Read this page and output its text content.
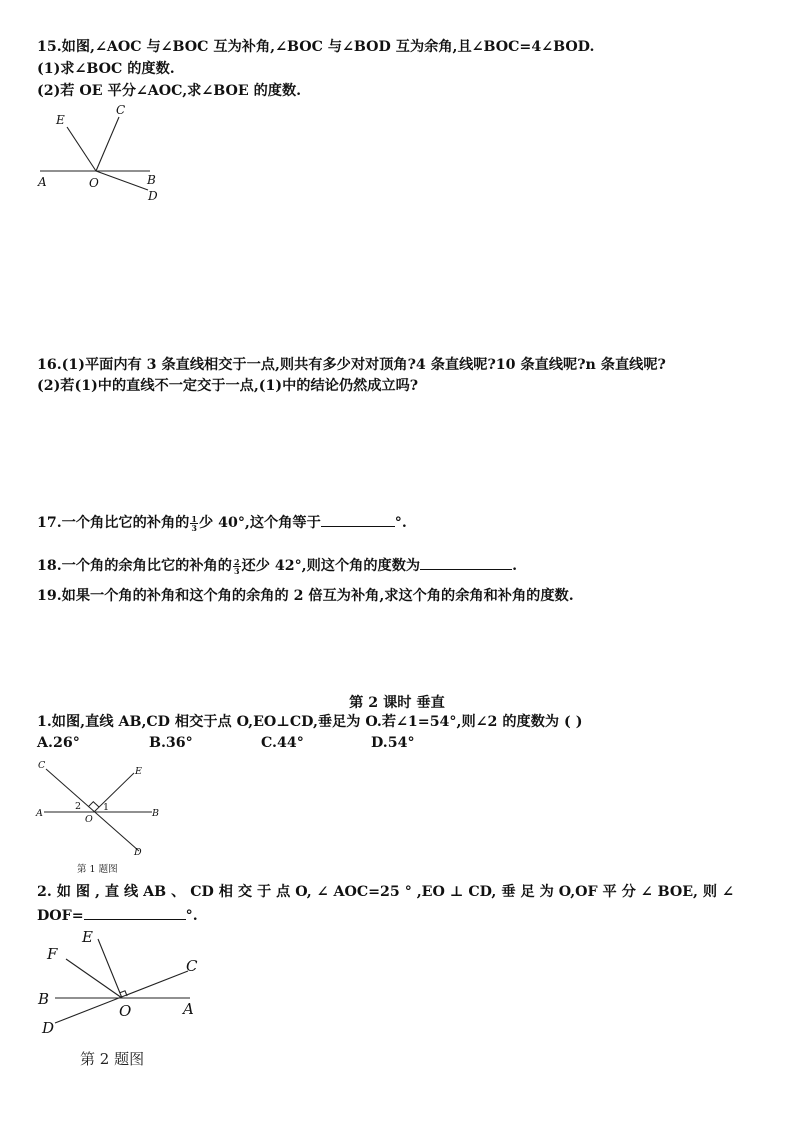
15.如图,∠AOC 与∠BOC 互为补角,∠BOC 与∠BOD 互为余角,且∠BOC=4∠BOD.
(1)求∠BOC 的度数.
(2)若 OE 平分∠AOC,求∠BOE 的度数.
E
C
A	O	B
D
16.(1)平面内有 3 条直线相交于一点,则共有多少对对顶角?4 条直线呢?10 条直线呢?n 条直线呢?
(2)若(1)中的直线不一定交于一点,(1)中的结论仍然成立吗?
17.一个角比它的补角的 $\frac{1}{3}$ 少 40°,这个角等于	°.
18.一个角的余角比它的补角的 $\frac{2}{3}$ 还少 42°,则这个角的度数为	.
19.如果一个角的补角和这个角的余角的 2 倍互为补角,求这个角的余角和补角的度数.
第 2 课时 垂直
1.如图,直线 AB,CD 相交于点 O,EO⊥CD,垂足为 O.若∠1=54°,则∠2 的度数为 ( )
A.26°	B.36°	C.44°	D.54°
C
E
A	B
O
D
1
2
第 1 题图
2. 如 图 , 直 线 AB 、 CD 相 交 于 点 O, ∠ AOC=25 ° ,EO ⊥ CD, 垂 足 为 O,OF 平 分 ∠ BOE, 则 ∠
DOF=	°.
E
F
C
B
O	A
D
第 2 题图
